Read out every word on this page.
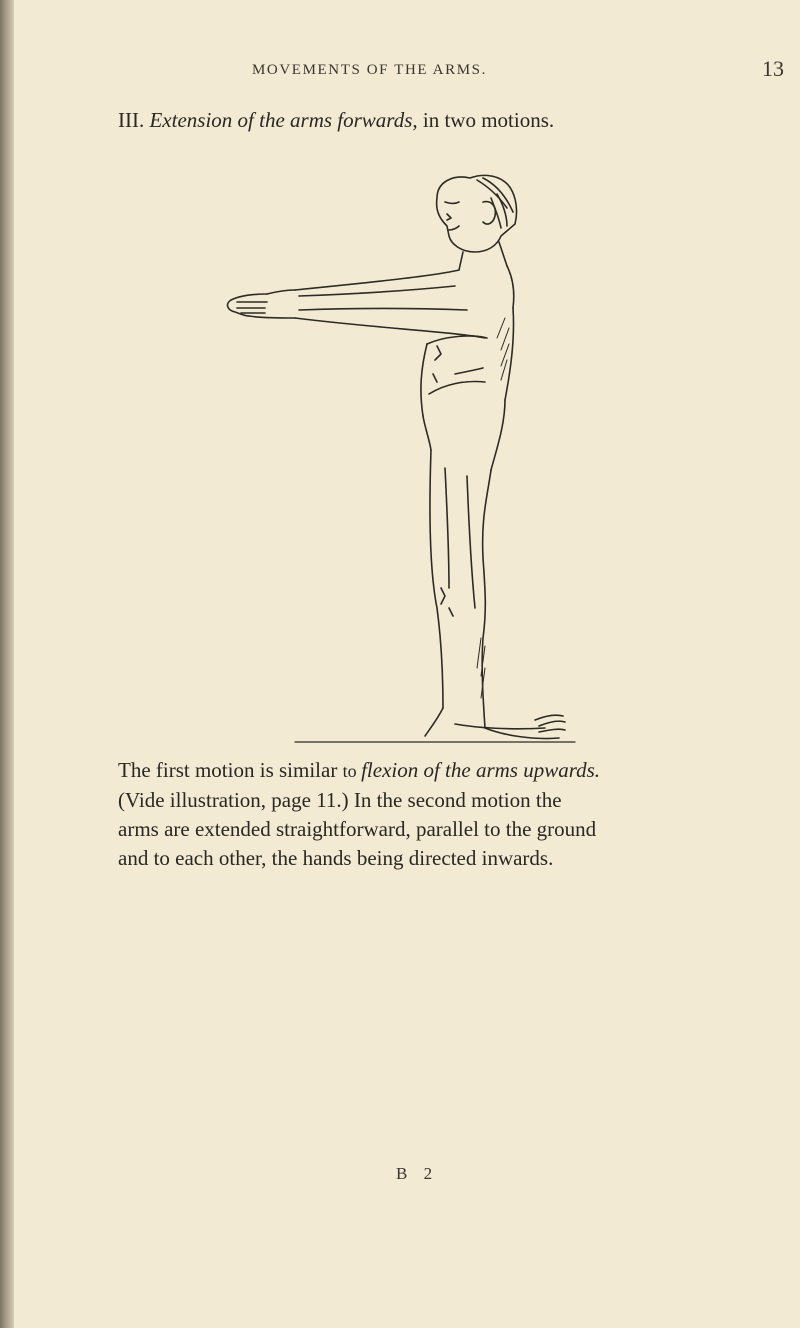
MOVEMENTS OF THE ARMS.	13
III. Extension of the arms forwards, in two motions.
The first motion is similar to flexion of the arms upwards.
(Vide illustration, page 11.) In the second motion the
arms are extended straightforward, parallel to the ground
and to each other, the hands being directed inwards.
B 2
